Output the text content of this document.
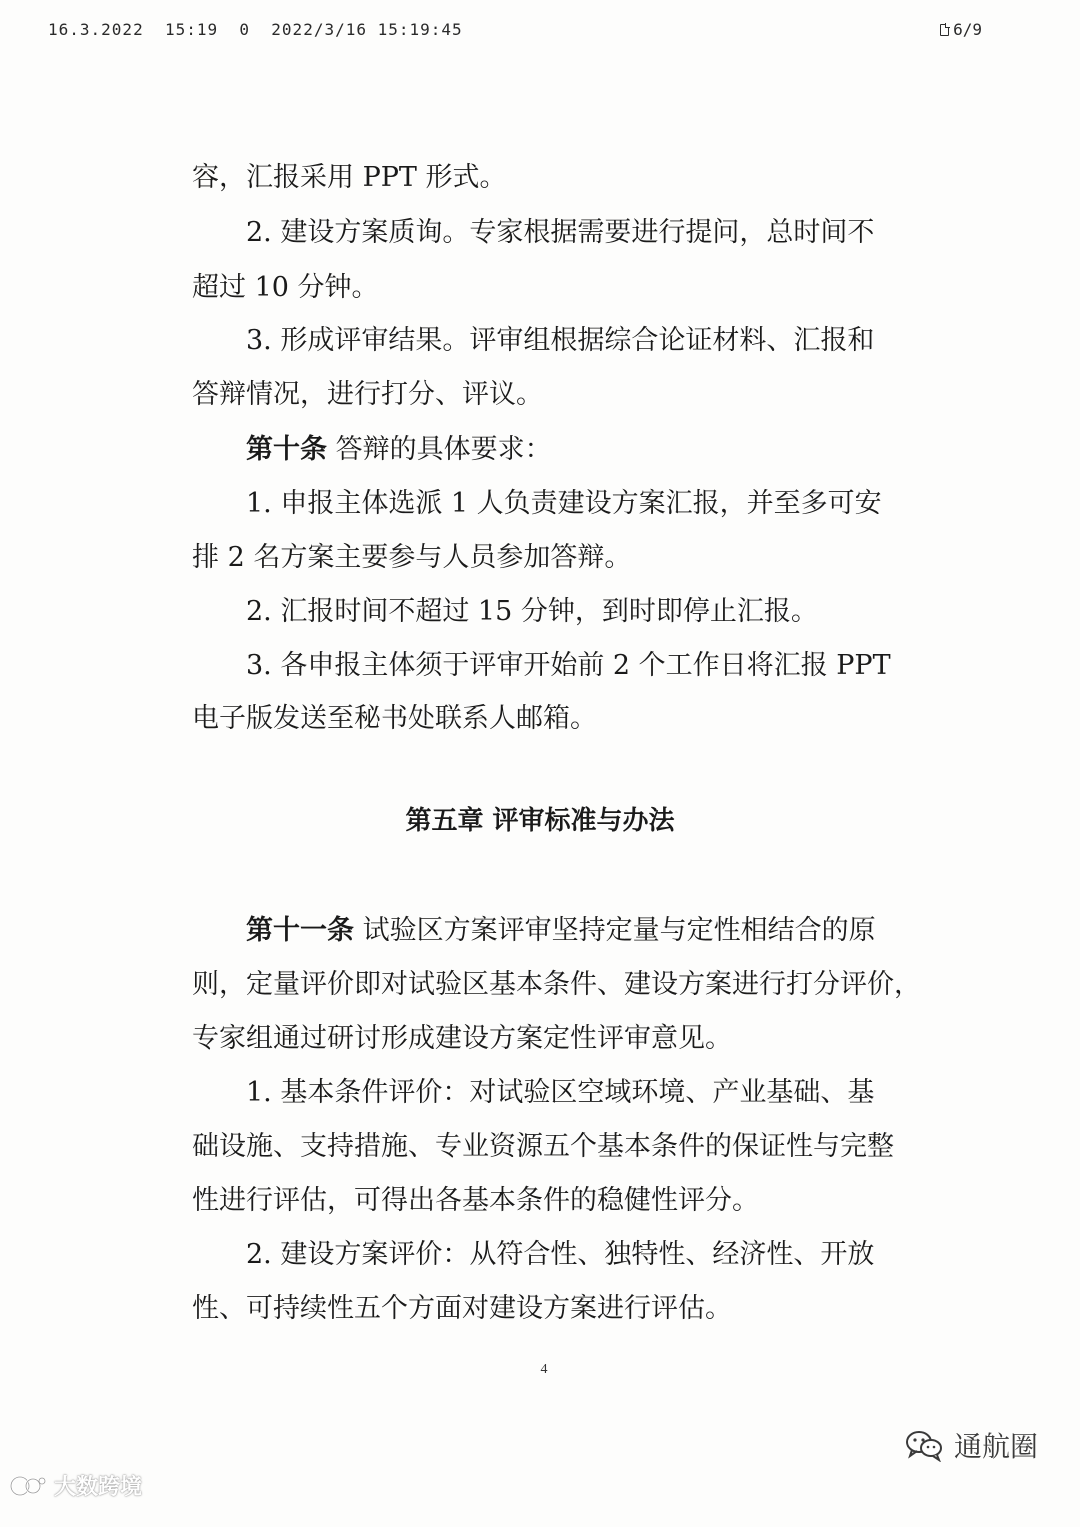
16.3.2022  15:19  0  2022/3/16 15:19:45	6/9
容，汇报采用 PPT 形式。
2. 建设方案质询。专家根据需要进行提问，总时间不
超过 10 分钟。
3. 形成评审结果。评审组根据综合论证材料、汇报和
答辩情况，进行打分、评议。
第十条 答辩的具体要求：
1. 申报主体选派 1 人负责建设方案汇报，并至多可安
排 2 名方案主要参与人员参加答辩。
2. 汇报时间不超过 15 分钟，到时即停止汇报。
3. 各申报主体须于评审开始前 2 个工作日将汇报 PPT
电子版发送至秘书处联系人邮箱。
第十一条 试验区方案评审坚持定量与定性相结合的原
则，定量评价即对试验区基本条件、建设方案进行打分评价，
专家组通过研讨形成建设方案定性评审意见。
1. 基本条件评价：对试验区空域环境、产业基础、基
础设施、支持措施、专业资源五个基本条件的保证性与完整
性进行评估，可得出各基本条件的稳健性评分。
2. 建设方案评价：从符合性、独特性、经济性、开放
性、可持续性五个方面对建设方案进行评估。
第五章 评审标准与办法
4
大数跨境
通航圈
